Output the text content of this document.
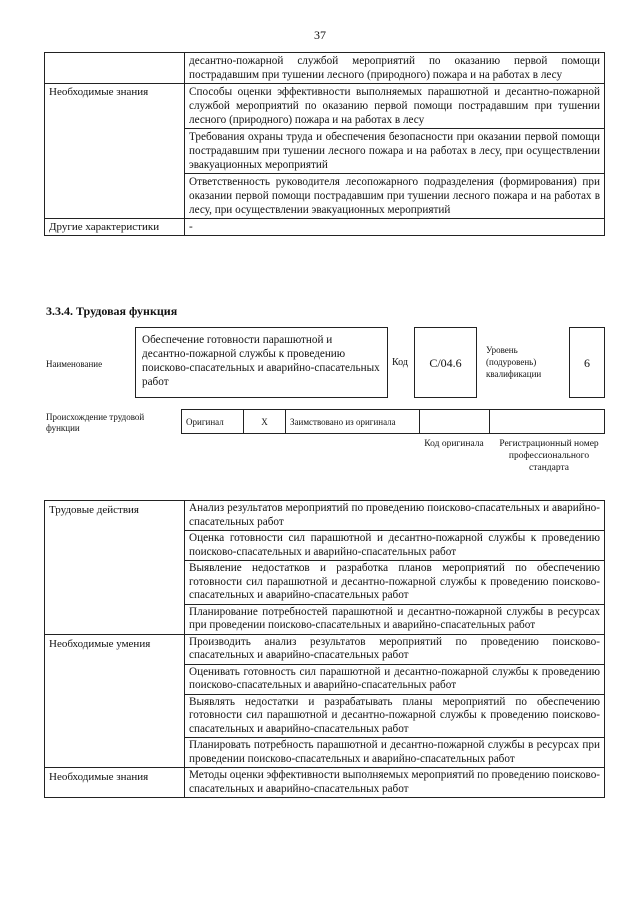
37
	десантно-пожарной службой мероприятий по оказанию первой помощи пострадавшим при тушении лесного (природного) пожара и на работах в лесу
Необходимые знания	Способы оценки эффективности выполняемых парашютной и десантно-пожарной службой мероприятий по оказанию первой помощи пострадавшим при тушении лесного (природного) пожара и на работах в лесу
	Требования охраны труда и обеспечения безопасности при оказании первой помощи пострадавшим при тушении лесного пожара и на работах в лесу, при осуществлении эвакуационных мероприятий
	Ответственность руководителя лесопожарного подразделения (формирования) при оказании первой помощи пострадавшим при тушении лесного пожара и на работах в лесу, при осуществлении эвакуационных мероприятий
Другие характеристики	-
3.3.4. Трудовая функция
Наименование
Обеспечение готовности парашютной и десантно-пожарной службы к проведению поисково-спасательных и аварийно-спасательных работ
Код	С/04.6
Уровень (подуровень) квалификации
6
Происхождение трудовой функции
Оригинал	X	Заимствовано из оригинала		
Код оригинала	Регистрационный номер профессионального стандарта
Трудовые действия	Анализ результатов мероприятий по проведению поисково-спасательных и аварийно-спасательных работ
	Оценка готовности сил парашютной и десантно-пожарной службы к проведению поисково-спасательных и аварийно-спасательных работ
	Выявление недостатков и разработка планов мероприятий по обеспечению готовности сил парашютной и десантно-пожарной службы к проведению поисково-спасательных и аварийно-спасательных работ
	Планирование потребностей парашютной и десантно-пожарной службы в ресурсах при проведении поисково-спасательных и аварийно-спасательных работ
Необходимые умения	Производить анализ результатов мероприятий по проведению поисково-спасательных и аварийно-спасательных работ
	Оценивать готовность сил парашютной и десантно-пожарной службы к проведению поисково-спасательных и аварийно-спасательных работ
	Выявлять недостатки и разрабатывать планы мероприятий по обеспечению готовности сил парашютной и десантно-пожарной службы к проведению поисково-спасательных и аварийно-спасательных работ
	Планировать потребность парашютной и десантно-пожарной службы в ресурсах при проведении поисково-спасательных и аварийно-спасательных работ
Необходимые знания	Методы оценки эффективности выполняемых мероприятий по проведению поисково-спасательных и аварийно-спасательных работ
